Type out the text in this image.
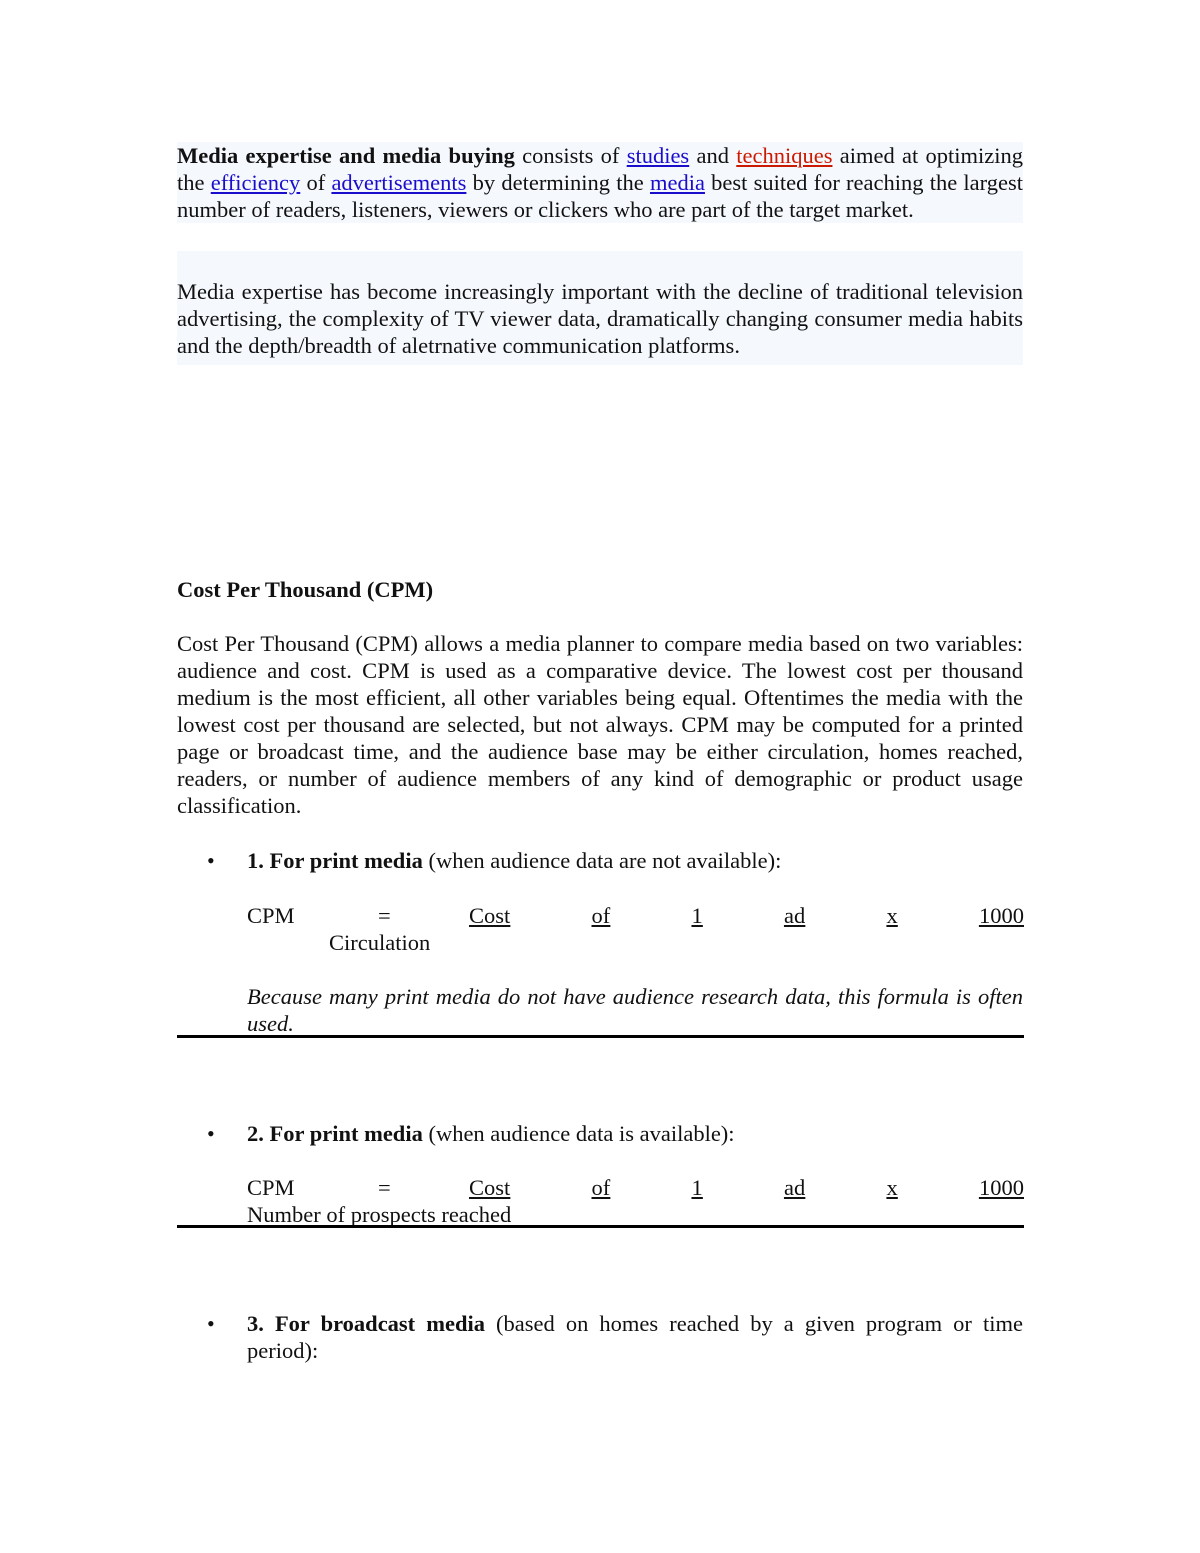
Media expertise and media buying consists of studies and techniques aimed at optimizing the efficiency of advertisements by determining the media best suited for reaching the largest number of readers, listeners, viewers or clickers who are part of the target market.
Media expertise has become increasingly important with the decline of traditional television advertising, the complexity of TV viewer data, dramatically changing consumer media habits and the depth/breadth of aletrnative communication platforms.
Cost Per Thousand (CPM)
Cost Per Thousand (CPM) allows a media planner to compare media based on two variables: audience and cost. CPM is used as a comparative device. The lowest cost per thousand medium is the most efficient, all other variables being equal. Oftentimes the media with the lowest cost per thousand are selected, but not always. CPM may be computed for a printed page or broadcast time, and the audience base may be either circulation, homes reached, readers, or number of audience members of any kind of demographic or product usage classification.
• 1. For print media (when audience data are not available):
CPM	=	Cost	of	1	ad	x	1000
Circulation
Because many print media do not have audience research data, this formula is often used.
• 2. For print media (when audience data is available):
CPM	=	Cost	of	1	ad	x	1000
Number of prospects reached
• 3. For broadcast media (based on homes reached by a given program or time period):
